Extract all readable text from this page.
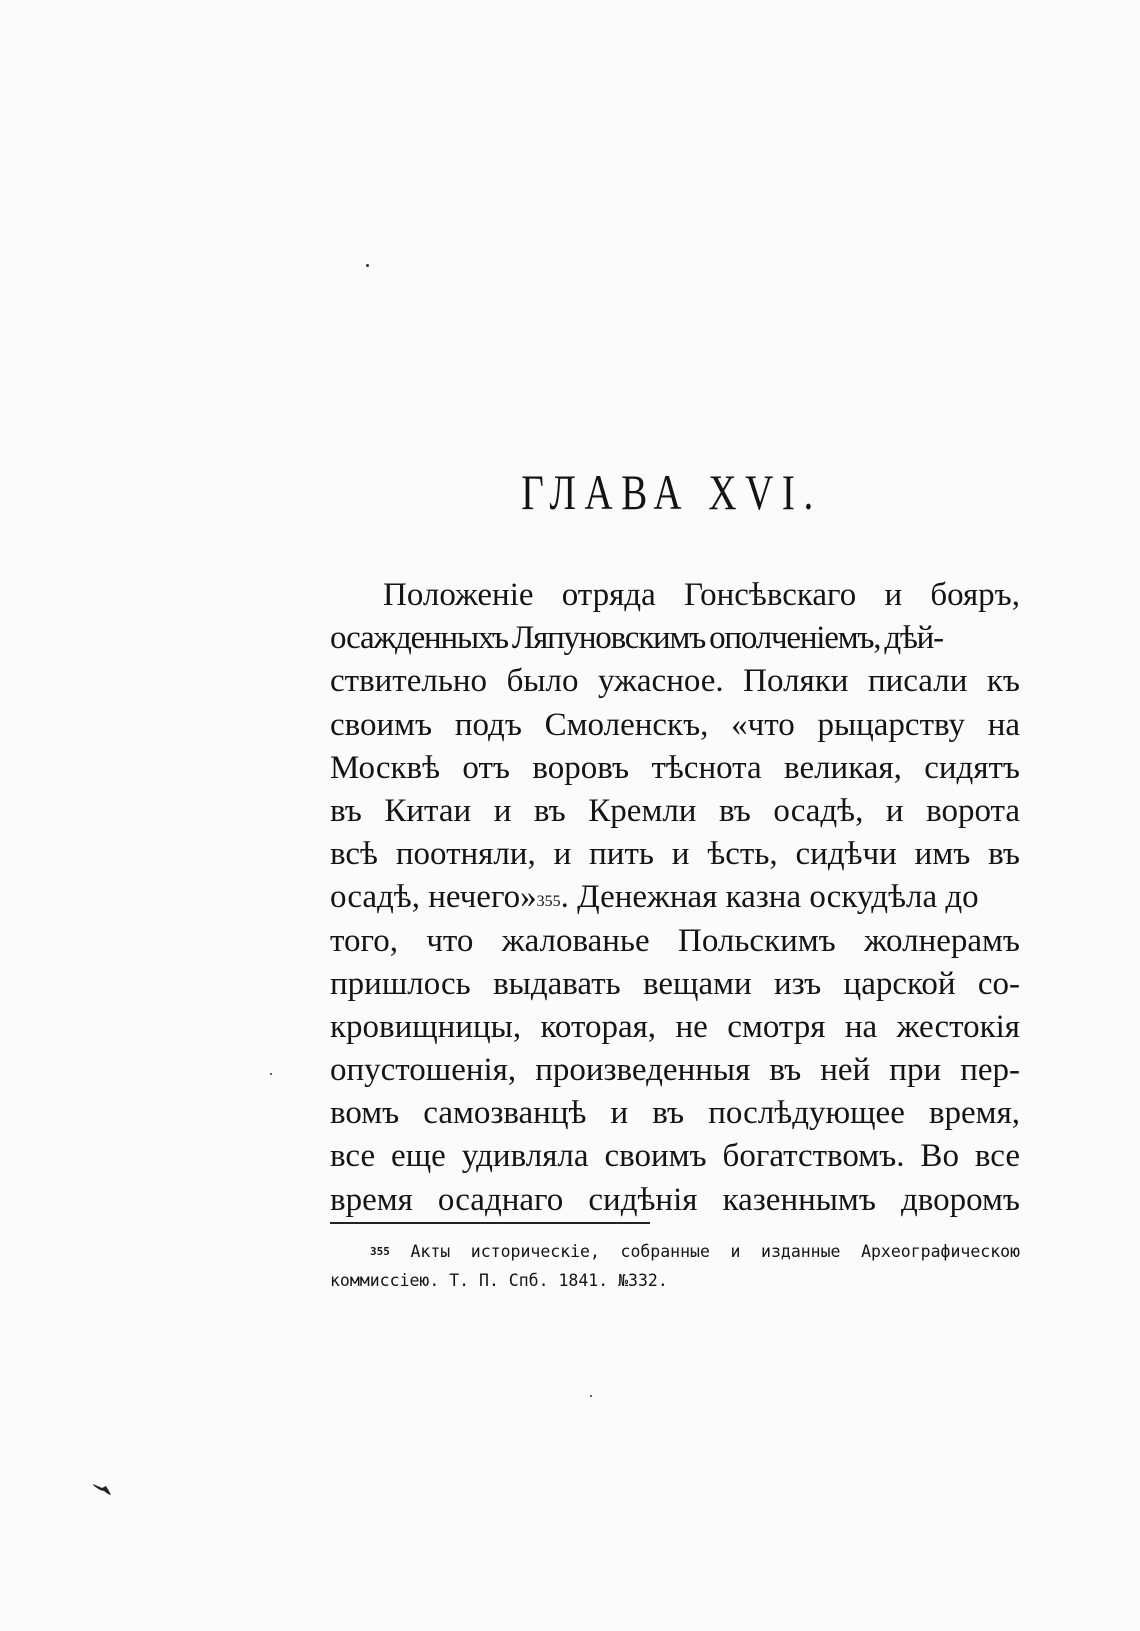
ГЛАВА XVI.
Положеніе отряда Гонсѣвскаго и бояръ,
осажденныхъ Ляпуновскимъ ополченіемъ, дѣй-
ствительно было ужасное. Поляки писали къ
своимъ подъ Смоленскъ, «что рыцарству на
Москвѣ отъ воровъ тѣснота великая, сидятъ
въ Китаи и въ Кремли въ осадѣ, и ворота
всѣ поотняли, и пить и ѣсть, сидѣчи имъ въ
осадѣ, нечего»$^{355}$. Денежная казна оскудѣла до
того, что жалованье Польскимъ жолнерамъ
пришлось выдавать вещами изъ царской со-
кровищницы, которая, не смотря на жестокія
опустошенія, произведенныя въ ней при пер-
вомъ самозванцѣ и въ послѣдующее время,
все еще удивляла своимъ богатствомъ. Во все
время осаднаго сидѣнія казеннымъ дворомъ
$^{355}$ Акты историческіе, собранные и изданные Археографическою
коммиссіею. Т. П. Спб. 1841. №332.
